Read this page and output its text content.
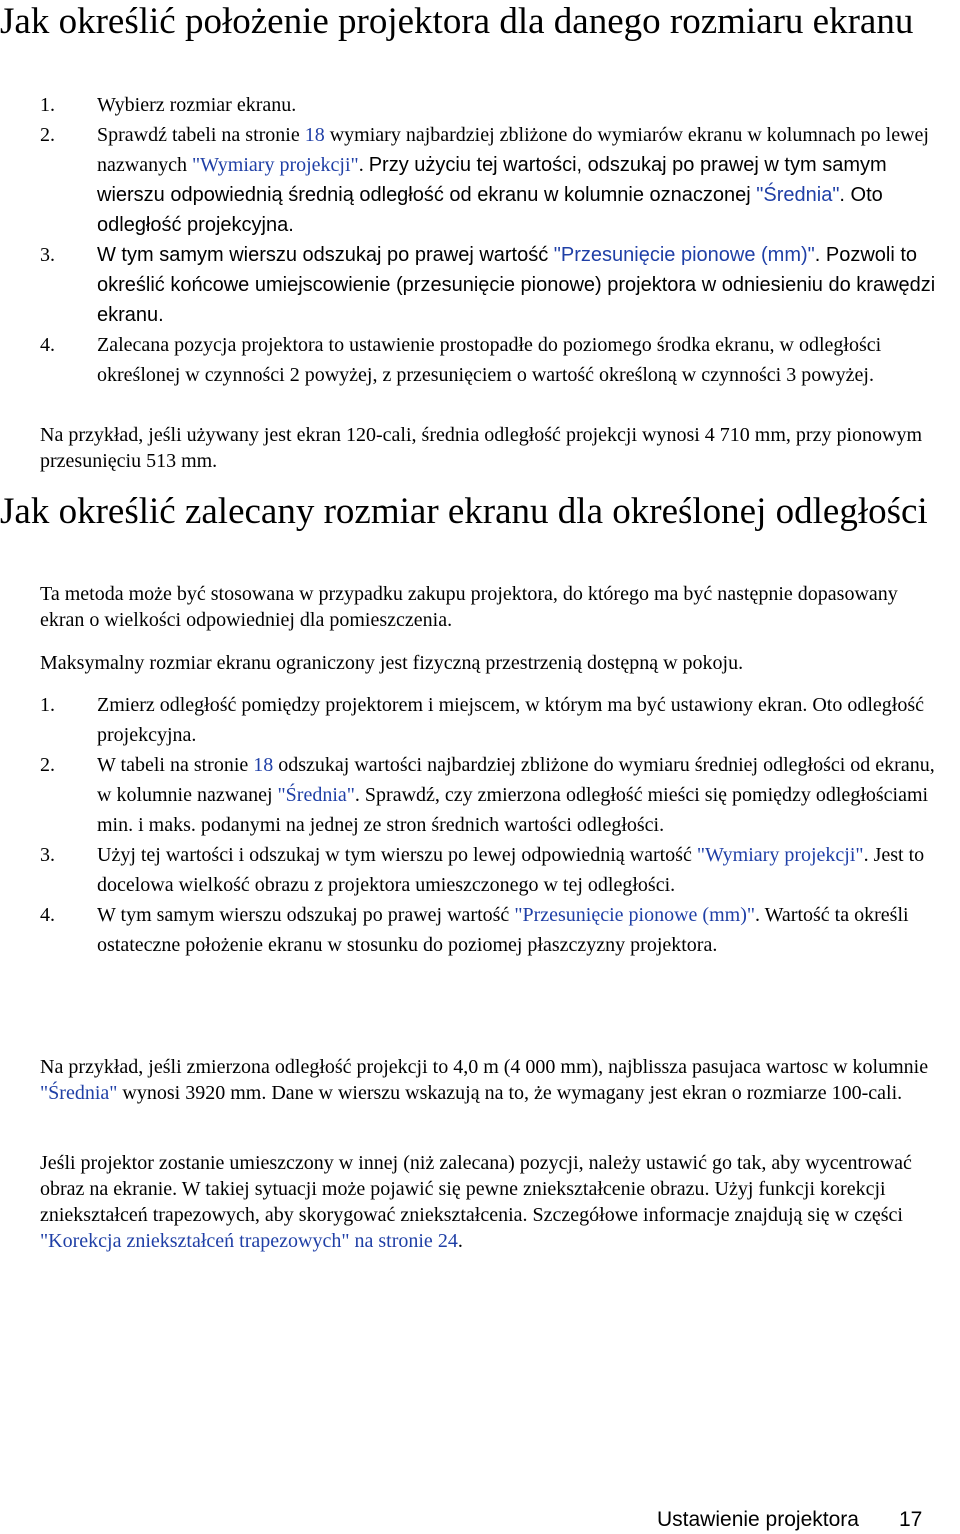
Jak określić położenie projektora dla danego rozmiaru ekranu
1. Wybierz rozmiar ekranu.
2. Sprawdź tabeli na stronie 18 wymiary najbardziej zbliżone do wymiarów ekranu w kolumnach po lewej nazwanych "Wymiary projekcji". Przy użyciu tej wartości, odszukaj po prawej w tym samym wierszu odpowiednią średnią odległość od ekranu w kolumnie oznaczonej "Średnia". Oto odległość projekcyjna.
3. W tym samym wierszu odszukaj po prawej wartość "Przesunięcie pionowe (mm)". Pozwoli to określić końcowe umiejscowienie (przesunięcie pionowe) projektora w odniesieniu do krawędzi ekranu.
4. Zalecana pozycja projektora to ustawienie prostopadłe do poziomego środka ekranu, w odległości określonej w czynności 2 powyżej, z przesunięciem o wartość określoną w czynności 3 powyżej.

Na przykład, jeśli używany jest ekran 120-cali, średnia odległość projekcji wynosi 4 710 mm, przy pionowym przesunięciu 513 mm.

Jak określić zalecany rozmiar ekranu dla określonej odległości

Ta metoda może być stosowana w przypadku zakupu projektora, do którego ma być następnie dopasowany ekran o wielkości odpowiedniej dla pomieszczenia.

Maksymalny rozmiar ekranu ograniczony jest fizyczną przestrzenią dostępną w pokoju.

1. Zmierz odległość pomiędzy projektorem i miejscem, w którym ma być ustawiony ekran. Oto odległość projekcyjna.
2. W tabeli na stronie 18 odszukaj wartości najbardziej zbliżone do wymiaru średniej odległości od ekranu, w kolumnie nazwanej "Średnia". Sprawdź, czy zmierzona odległość mieści się pomiędzy odległościami min. i maks. podanymi na jednej ze stron średnich wartości odległości.
3. Użyj tej wartości i odszukaj w tym wierszu po lewej odpowiednią wartość "Wymiary projekcji". Jest to docelowa wielkość obrazu z projektora umieszczonego w tej odległości.
4. W tym samym wierszu odszukaj po prawej wartość "Przesunięcie pionowe (mm)". Wartość ta określi ostateczne położenie ekranu w stosunku do poziomej płaszczyzny projektora.

Na przykład, jeśli zmierzona odległość projekcji to 4,0 m (4 000 mm), najblissza pasujaca wartosc w kolumnie "Średnia" wynosi 3920 mm. Dane w wierszu wskazują na to, że wymagany jest ekran o rozmiarze 100-cali.

Jeśli projektor zostanie umieszczony w innej (niż zalecana) pozycji, należy ustawić go tak, aby wycentrować obraz na ekranie. W takiej sytuacji może pojawić się pewne zniekształcenie obrazu. Użyj funkcji korekcji zniekształceń trapezowych, aby skorygować zniekształcenia. Szczegółowe informacje znajdują się w części "Korekcja zniekształceń trapezowych" na stronie 24.

Ustawienie projektora 17
